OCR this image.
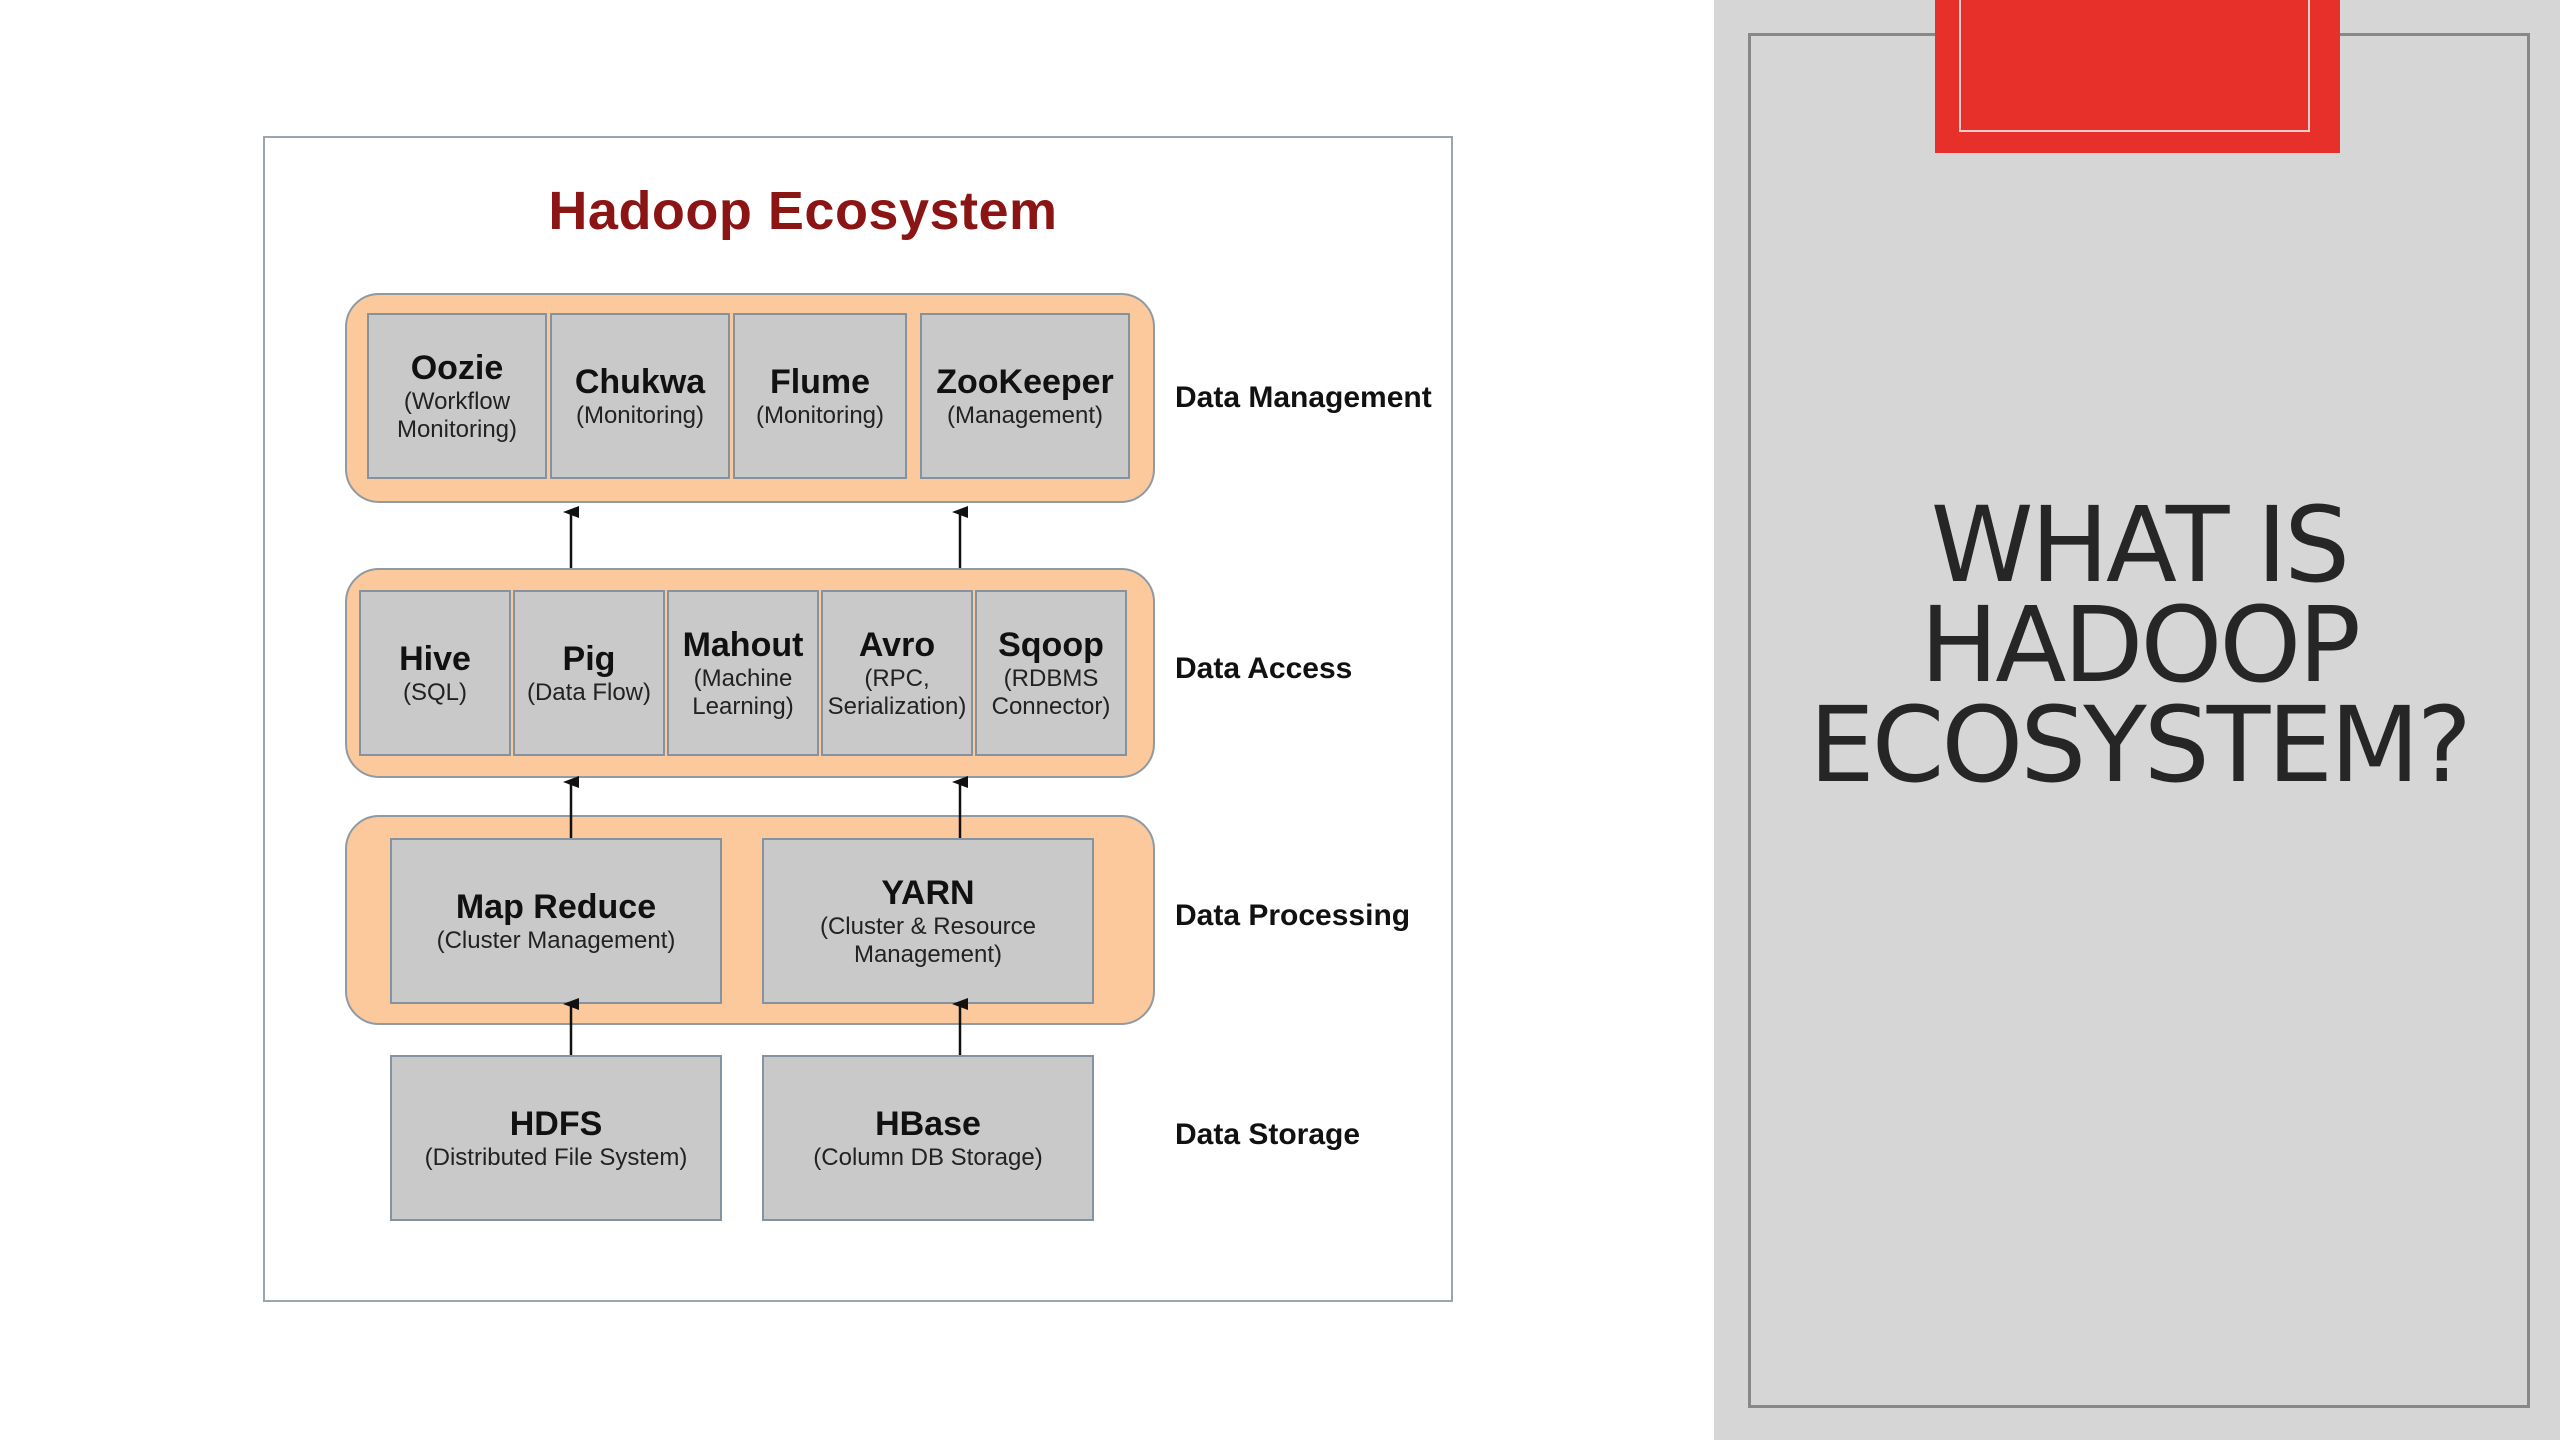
Hadoop Ecosystem
Oozie
(Workflow Monitoring)
Chukwa
(Monitoring)
Flume
(Monitoring)
ZooKeeper
(Management)
Data Management
Hive
(SQL)
Pig
(Data Flow)
Mahout
(Machine Learning)
Avro
(RPC, Serialization)
Sqoop
(RDBMS Connector)
Data Access
Map Reduce
(Cluster Management)
YARN
(Cluster & Resource Management)
Data Processing
HDFS
(Distributed File System)
HBase
(Column DB Storage)
Data Storage
WHAT IS
HADOOP
ECOSYSTEM?
